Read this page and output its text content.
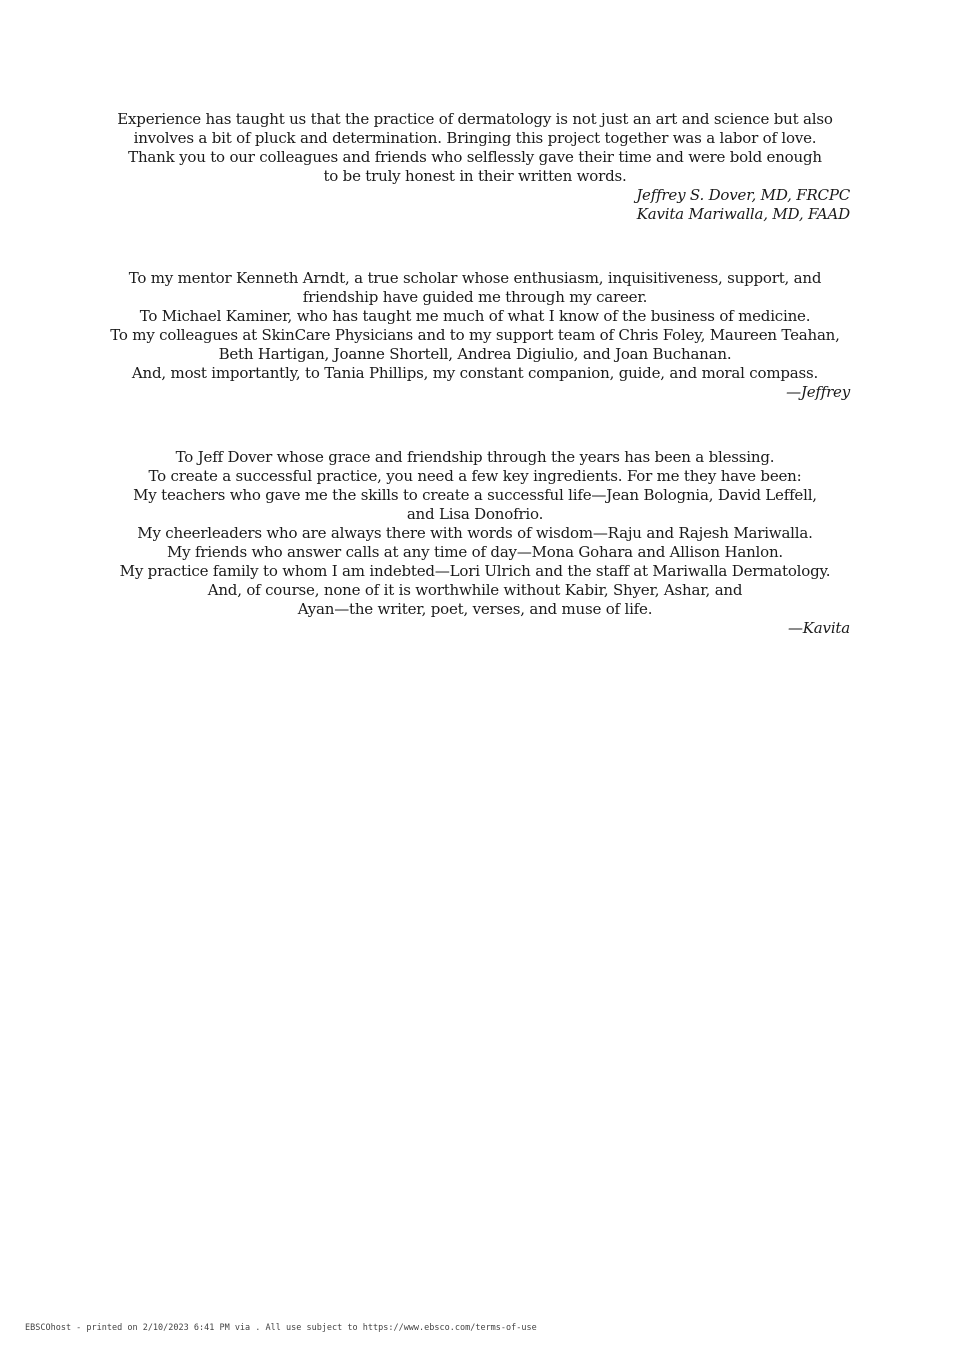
Experience has taught us that the practice of dermatology is not just an art and science but also
involves a bit of pluck and determination. Bringing this project together was a labor of love.
Thank you to our colleagues and friends who selflessly gave their time and were bold enough
to be truly honest in their written words.
Jeffrey S. Dover, MD, FRCPC
Kavita Mariwalla, MD, FAAD
To my mentor Kenneth Arndt, a true scholar whose enthusiasm, inquisitiveness, support, and
friendship have guided me through my career.
To Michael Kaminer, who has taught me much of what I know of the business of medicine.
To my colleagues at SkinCare Physicians and to my support team of Chris Foley, Maureen Teahan,
Beth Hartigan, Joanne Shortell, Andrea Digiulio, and Joan Buchanan.
And, most importantly, to Tania Phillips, my constant companion, guide, and moral compass.
—Jeffrey
To Jeff Dover whose grace and friendship through the years has been a blessing.
To create a successful practice, you need a few key ingredients. For me they have been:
My teachers who gave me the skills to create a successful life—Jean Bolognia, David Leffell,
and Lisa Donofrio.
My cheerleaders who are always there with words of wisdom—Raju and Rajesh Mariwalla.
My friends who answer calls at any time of day—Mona Gohara and Allison Hanlon.
My practice family to whom I am indebted—Lori Ulrich and the staff at Mariwalla Dermatology.
And, of course, none of it is worthwhile without Kabir, Shyer, Ashar, and
Ayan—the writer, poet, verses, and muse of life.
—Kavita
EBSCOhost - printed on 2/10/2023 6:41 PM via . All use subject to https://www.ebsco.com/terms-of-use
